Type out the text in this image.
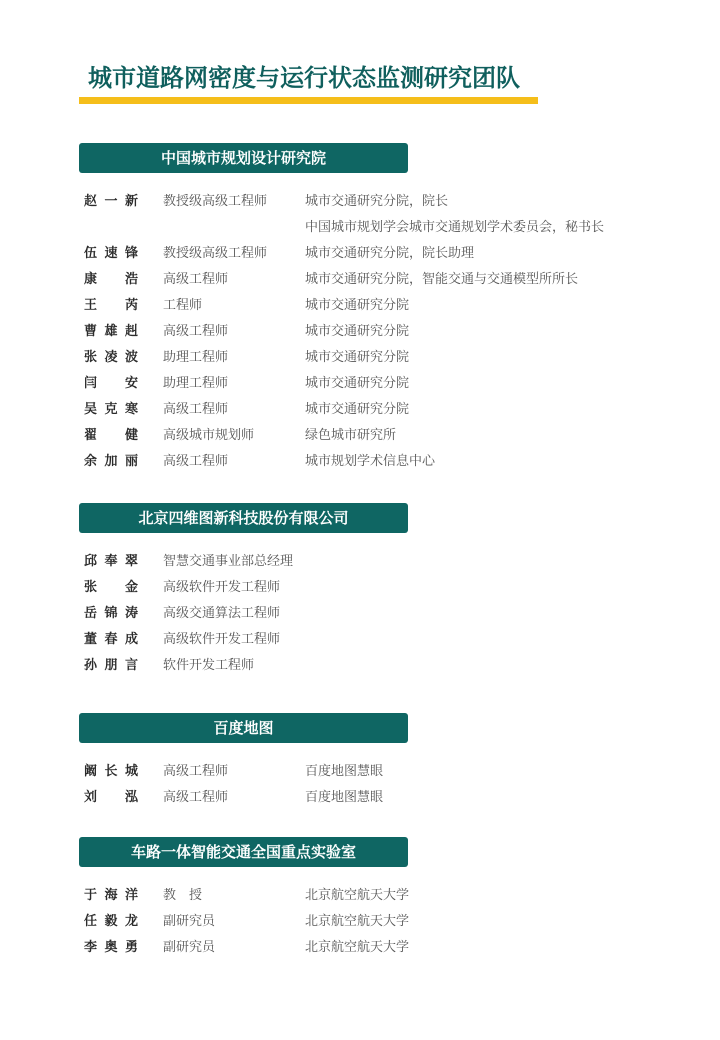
城市道路网密度与运行状态监测研究团队
中国城市规划设计研究院
赵一新 教授级高级工程师	城市交通研究分院，院长
中国城市规划学会城市交通规划学术委员会，秘书长
伍速锋 教授级高级工程师	城市交通研究分院，院长助理
康浩 高级工程师	城市交通研究分院，智能交通与交通模型所所长
王芮 工程师	城市交通研究分院
曹雄赳 高级工程师	城市交通研究分院
张凌波 助理工程师	城市交通研究分院
闫安 助理工程师	城市交通研究分院
吴克寒 高级工程师	城市交通研究分院
翟健 高级城市规划师	绿色城市研究所
余加丽 高级工程师	城市规划学术信息中心
北京四维图新科技股份有限公司
邱奉翠 智慧交通事业部总经理
张金 高级软件开发工程师
岳锦涛 高级交通算法工程师
董春成 高级软件开发工程师
孙朋言 软件开发工程师
百度地图
阚长城 高级工程师	百度地图慧眼
刘泓 高级工程师	百度地图慧眼
车路一体智能交通全国重点实验室
于海洋 教　授	北京航空航天大学
任毅龙 副研究员	北京航空航天大学
李奥勇 副研究员	北京航空航天大学
